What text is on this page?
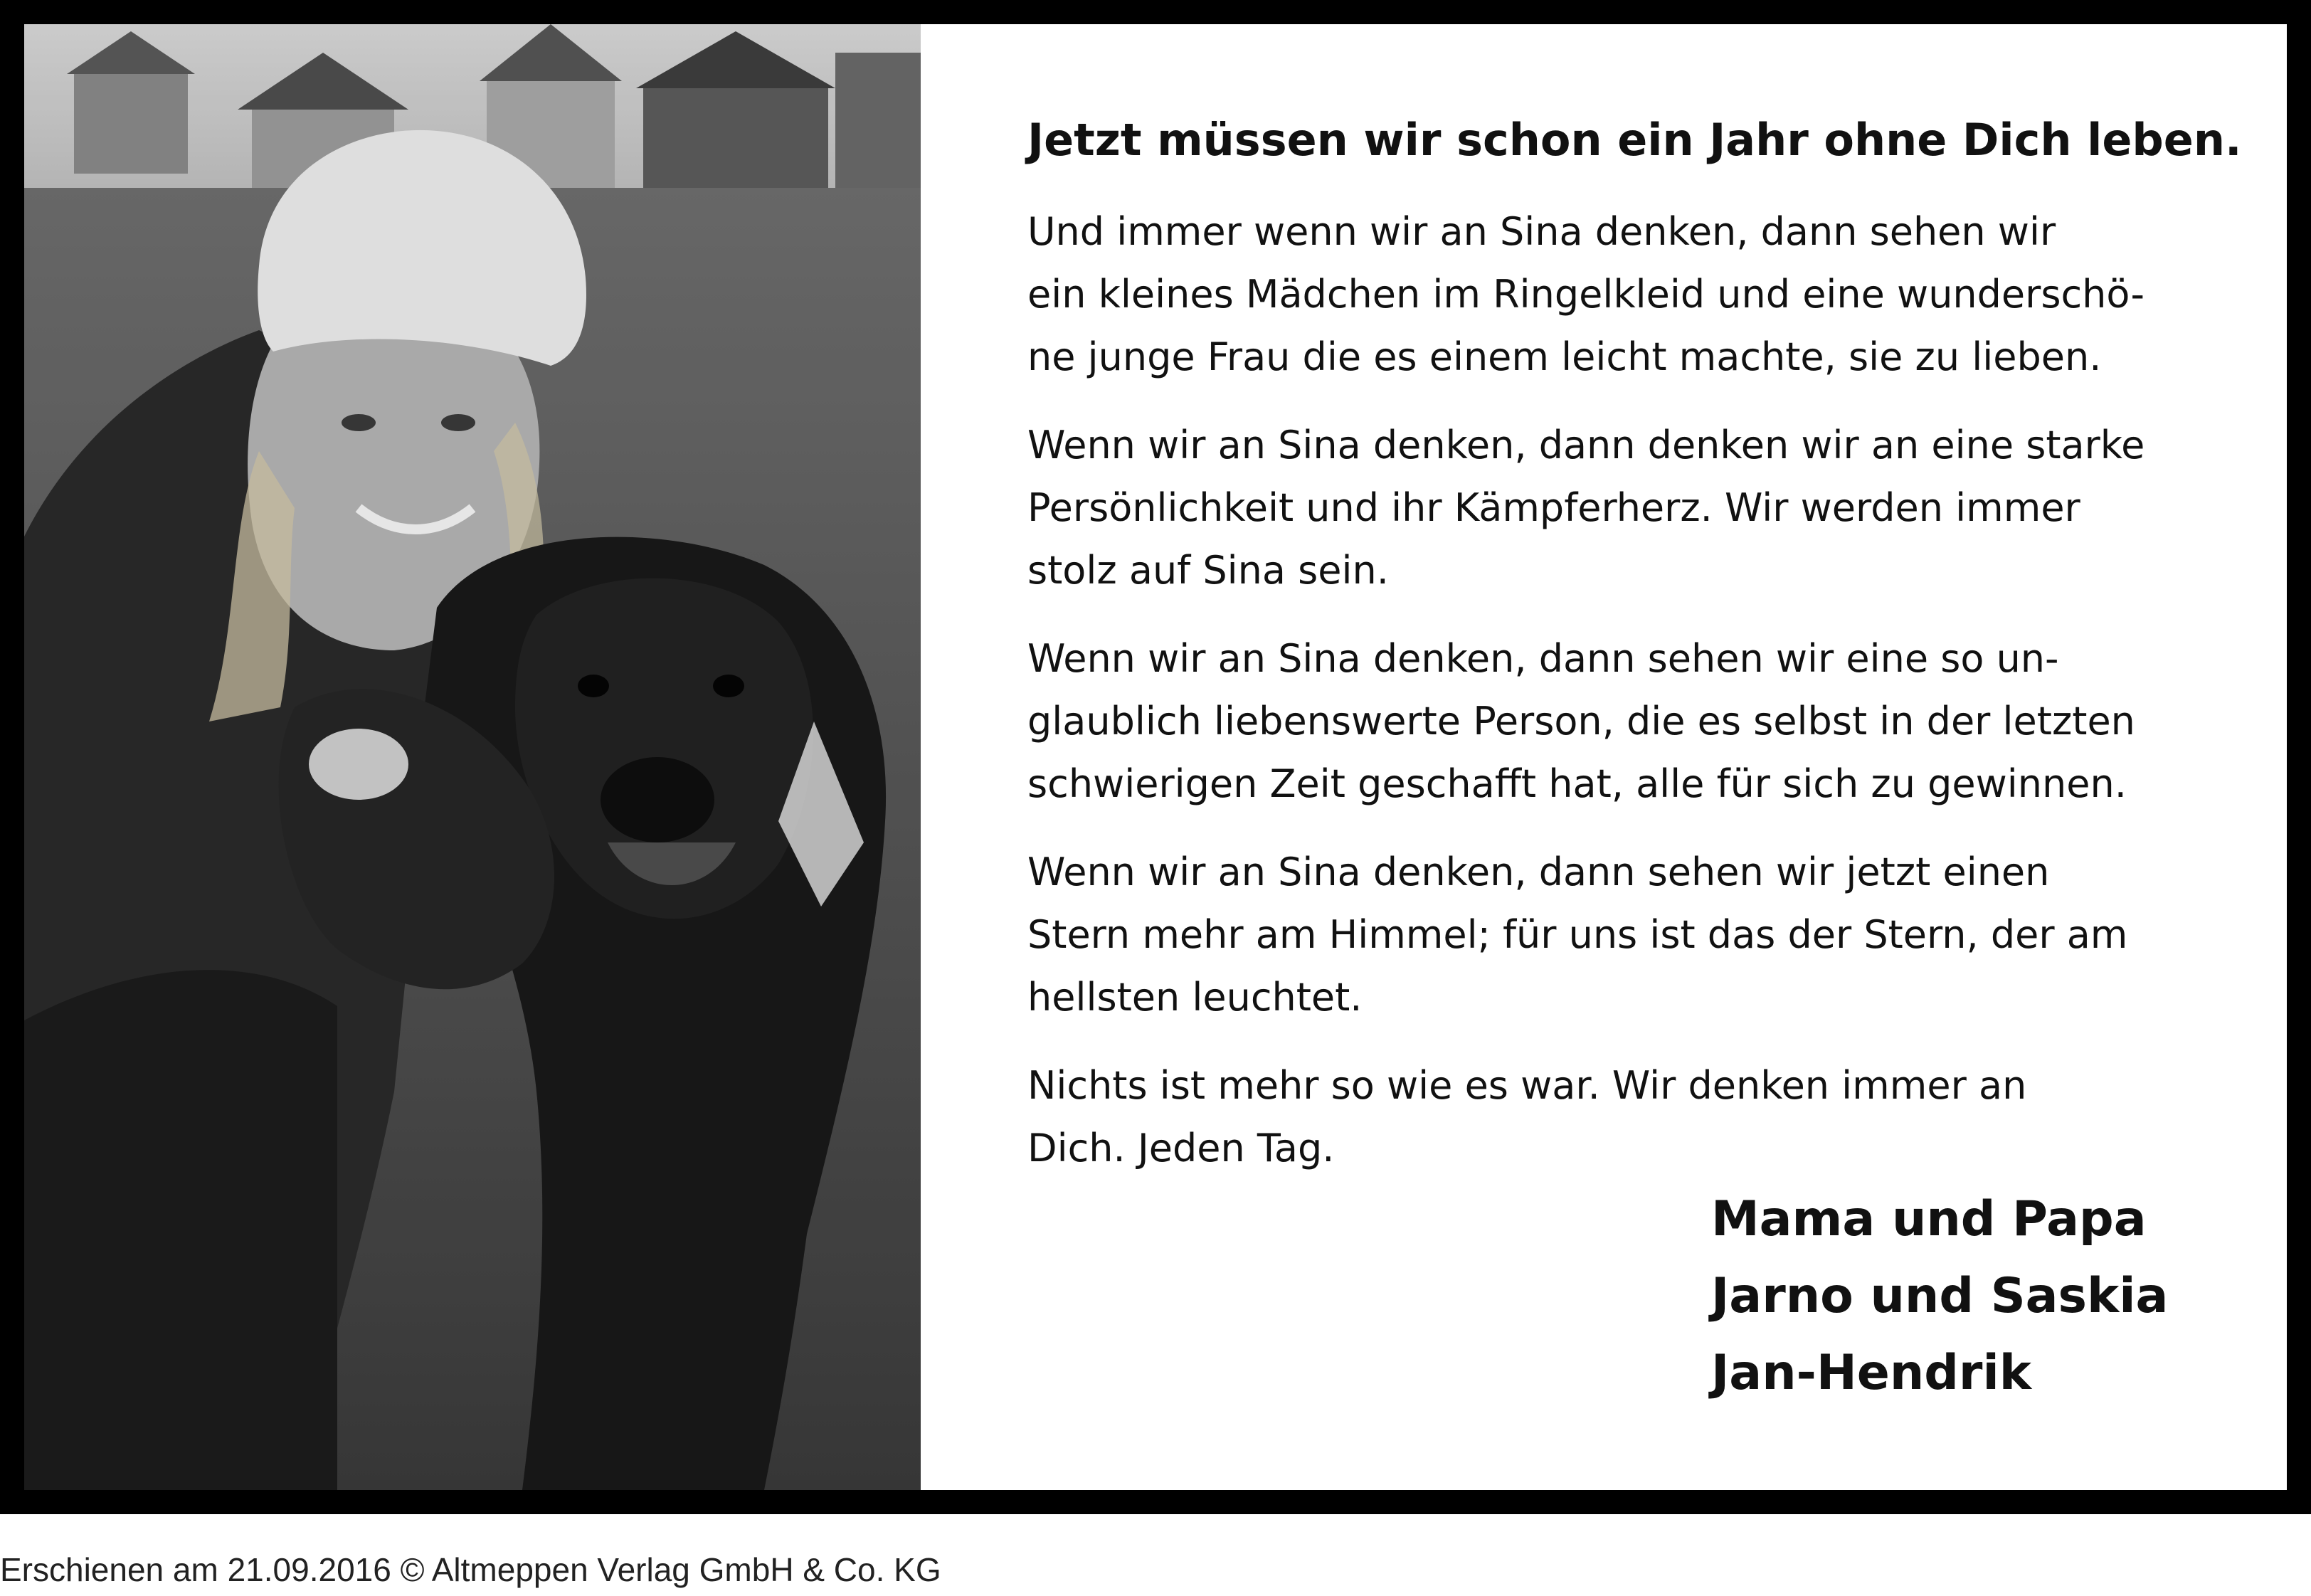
Jetzt müssen wir schon ein Jahr ohne Dich leben.

Und immer wenn wir an Sina denken, dann sehen wir
ein kleines Mädchen im Ringelkleid und eine wunderschö-
ne junge Frau die es einem leicht machte, sie zu lieben.

Wenn wir an Sina denken, dann denken wir an eine starke
Persönlichkeit und ihr Kämpferherz. Wir werden immer
stolz auf Sina sein.

Wenn wir an Sina denken, dann sehen wir eine so un-
glaublich liebenswerte Person, die es selbst in der letzten
schwierigen Zeit geschafft hat, alle für sich zu gewinnen.

Wenn wir an Sina denken, dann sehen wir jetzt einen
Stern mehr am Himmel; für uns ist das der Stern, der am
hellsten leuchtet.

Nichts ist mehr so wie es war. Wir denken immer an
Dich. Jeden Tag.

Mama und Papa
Jarno und Saskia
Jan-Hendrik
Erschienen am 21.09.2016 © Altmeppen Verlag GmbH & Co. KG
